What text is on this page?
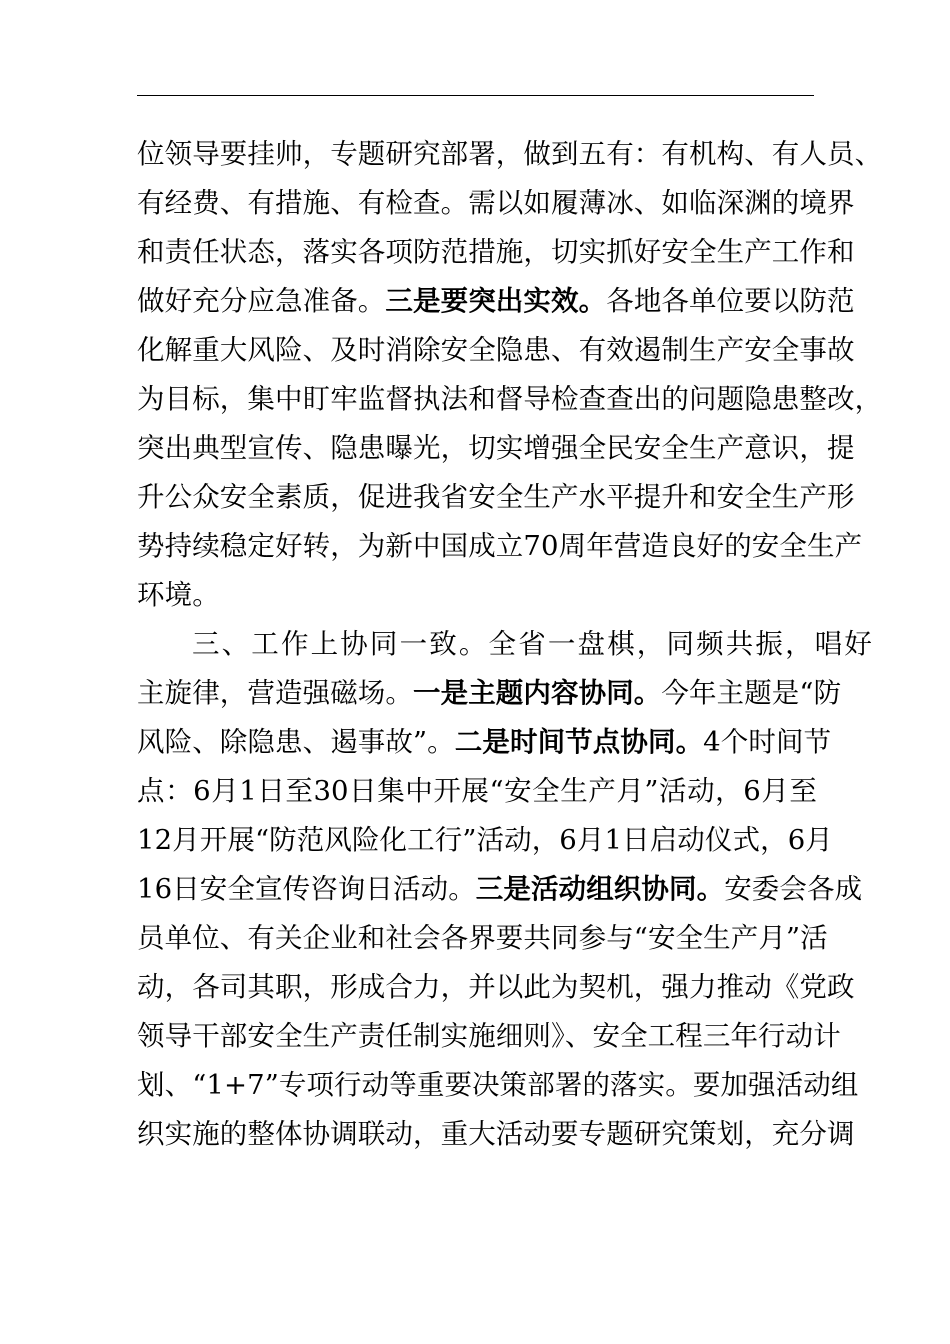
位领导要挂帅，专题研究部署，做到五有：有机构、有人员、
有经费、有措施、有检查。需以如履薄冰、如临深渊的境界
和责任状态，落实各项防范措施，切实抓好安全生产工作和
做好充分应急准备。三是要突出实效。各地各单位要以防范
化解重大风险、及时消除安全隐患、有效遏制生产安全事故
为目标，集中盯牢监督执法和督导检查查出的问题隐患整改，
突出典型宣传、隐患曝光，切实增强全民安全生产意识，提
升公众安全素质，促进我省安全生产水平提升和安全生产形
势持续稳定好转，为新中国成立70周年营造良好的安全生产
环境。
三、工作上协同一致。全省一盘棋，同频共振，唱好
主旋律，营造强磁场。一是主题内容协同。今年主题是“防
风险、除隐患、遏事故”。二是时间节点协同。4个时间节
点：6月1日至30日集中开展“安全生产月”活动，6月至
12月开展“防范风险化工行”活动，6月1日启动仪式，6月
16日安全宣传咨询日活动。三是活动组织协同。安委会各成
员单位、有关企业和社会各界要共同参与“安全生产月”活
动，各司其职，形成合力，并以此为契机，强力推动《党政
领导干部安全生产责任制实施细则》、安全工程三年行动计
划、“1+7”专项行动等重要决策部署的落实。要加强活动组
织实施的整体协调联动，重大活动要专题研究策划，充分调
